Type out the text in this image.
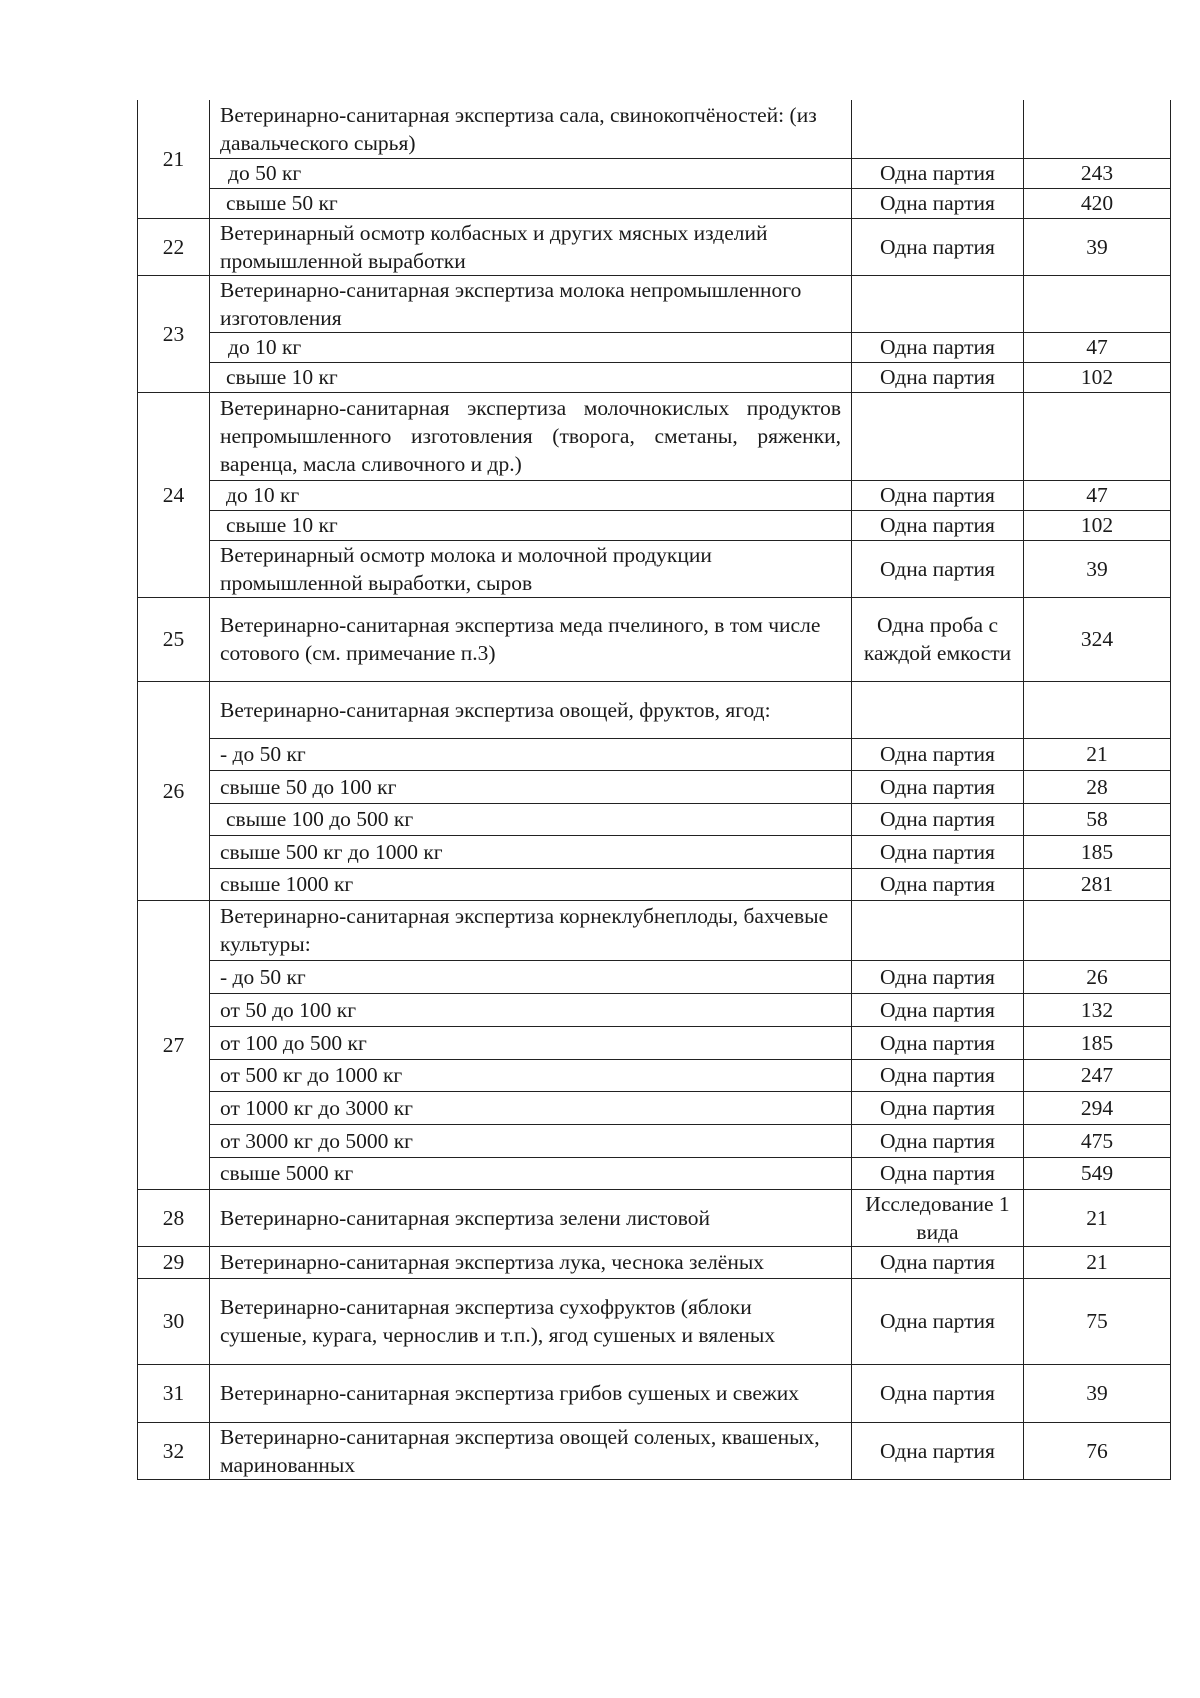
21	Ветеринарно-санитарная экспертиза сала, свинокопчёностей: (из давальческого сырья)		
	до 50 кг	Одна партия	243
	свыше 50 кг	Одна партия	420
22	Ветеринарный осмотр колбасных и других мясных изделий промышленной выработки	Одна партия	39
23	Ветеринарно-санитарная экспертиза молока непромышленного изготовления		
	до 10 кг	Одна партия	47
	свыше 10 кг	Одна партия	102
24	Ветеринарно-санитарная экспертиза молочнокислых продуктов непромышленного изготовления (творога, сметаны, ряженки, варенца, масла сливочного и др.)		
	до 10 кг	Одна партия	47
	свыше 10 кг	Одна партия	102
	Ветеринарный осмотр молока и молочной продукции промышленной выработки, сыров	Одна партия	39
25	Ветеринарно-санитарная экспертиза меда пчелиного, в том числе сотового (см. примечание п.3)	Одна проба с каждой емкости	324
26	Ветеринарно-санитарная экспертиза овощей, фруктов, ягод:		
	- до 50 кг	Одна партия	21
	свыше 50 до 100 кг	Одна партия	28
	свыше 100 до 500 кг	Одна партия	58
	свыше 500 кг до 1000 кг	Одна партия	185
	свыше 1000 кг	Одна партия	281
27	Ветеринарно-санитарная экспертиза корнеклубнеплоды, бахчевые культуры:		
	- до 50 кг	Одна партия	26
	от 50 до 100 кг	Одна партия	132
	от 100 до 500 кг	Одна партия	185
	от 500 кг до 1000 кг	Одна партия	247
	от 1000 кг до 3000 кг	Одна партия	294
	от 3000 кг до 5000 кг	Одна партия	475
	свыше 5000 кг	Одна партия	549
28	Ветеринарно-санитарная экспертиза зелени листовой	Исследование 1 вида	21
29	Ветеринарно-санитарная экспертиза лука, чеснока зелёных	Одна партия	21
30	Ветеринарно-санитарная экспертиза сухофруктов (яблоки сушеные, курага, чернослив и т.п.), ягод сушеных и вяленых	Одна партия	75
31	Ветеринарно-санитарная экспертиза грибов сушеных и свежих	Одна партия	39
32	Ветеринарно-санитарная экспертиза овощей соленых, квашеных, маринованных	Одна партия	76
